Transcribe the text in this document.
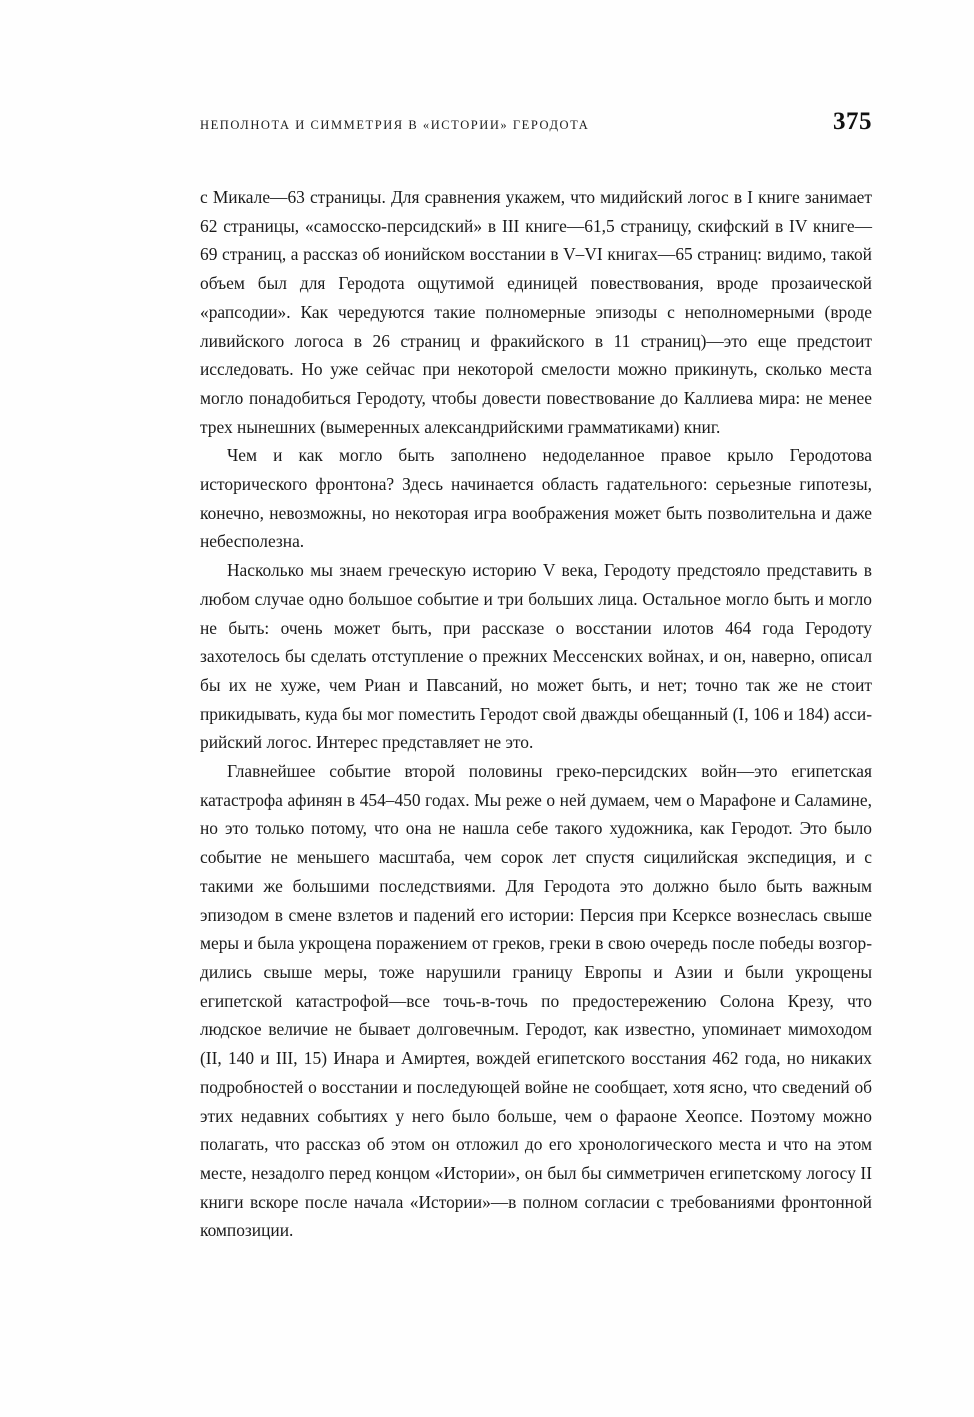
НЕПОЛНОТА И СИММЕТРИЯ В «ИСТОРИИ» ГЕРОДОТА	375

с Микале—63 страницы. Для сравнения укажем, что мидийский логос в I книге занимает 62 страницы, «самосско-персидский» в III книге—61,5 страницу, скифский в IV книге—69 страниц, а рассказ об ионийском восстании в V–VI книгах—65 страниц: видимо, такой объем был для Геродота ощутимой единицей повествования, вроде прозаической «рапсодии». Как чередуются такие полномерные эпизоды с неполномерными (вроде ливийского логоса в 26 страниц и фракийского в 11 страниц)—это еще предстоит исследовать. Но уже сейчас при некоторой смелости можно прикинуть, сколько места могло понадобиться Геродоту, чтобы довести повествование до Каллиева мира: не менее трех нынешних (вымеренных александрийскими грамматиками) книг.

Чем и как могло быть заполнено недоделанное правое крыло Геродотова исторического фронтона? Здесь начинается область гадательного: серьезные гипотезы, конечно, невозможны, но некоторая игра воображения может быть позволительна и даже небесполезна.

Насколько мы знаем греческую историю V века, Геродоту предстояло представить в любом случае одно большое событие и три больших лица. Остальное могло быть и могло не быть: очень может быть, при рассказе о восстании илотов 464 года Геродоту захотелось бы сделать отступление о прежних Мессенских войнах, и он, наверно, описал бы их не хуже, чем Риан и Павсаний, но может быть, и нет; точно так же не стоит прикидывать, куда бы мог поместить Геродот свой дважды обещанный (I, 106 и 184) ассирийский логос. Интерес представляет не это.

Главнейшее событие второй половины греко-персидских войн—это египетская катастрофа афинян в 454–450 годах. Мы реже о ней думаем, чем о Марафоне и Саламине, но это только потому, что она не нашла себе такого художника, как Геродот. Это было событие не меньшего масштаба, чем сорок лет спустя сицилийская экспедиция, и с такими же большими последствиями. Для Геродота это должно было быть важным эпизодом в смене взлетов и падений его истории: Персия при Ксерксе вознеслась свыше меры и была укрощена поражением от греков, греки в свою очередь после победы возгордились свыше меры, тоже нарушили границу Европы и Азии и были укрощены египетской катастрофой—все точь-в-точь по предостережению Солона Крезу, что людское величие не бывает долговечным. Геродот, как известно, упоминает мимоходом (II, 140 и III, 15) Инара и Амиртея, вождей египетского восстания 462 года, но никаких подробностей о восстании и последующей войне не сообщает, хотя ясно, что сведений об этих недавних событиях у него было больше, чем о фараоне Хеопсе. Поэтому можно полагать, что рассказ об этом он отложил до его хронологического места и что на этом месте, незадолго перед концом «Истории», он был бы симметричен египетскому логосу II книги вскоре после начала «Истории»—в полном согласии с требованиями фронтонной композиции.
